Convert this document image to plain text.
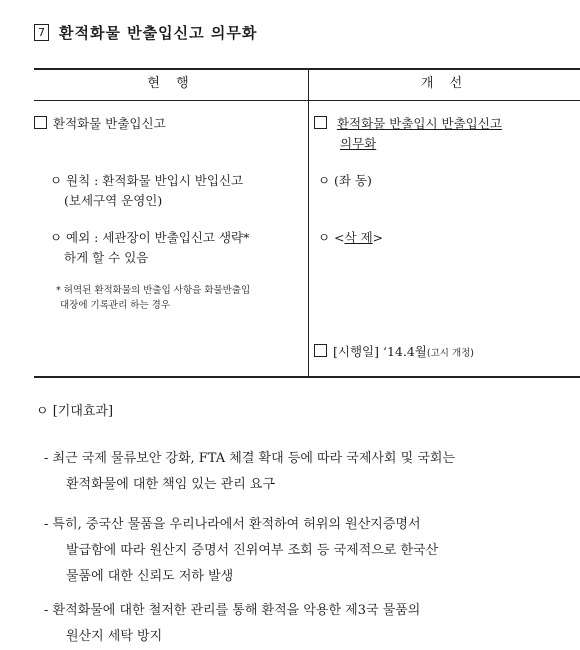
7 환적화물 반출입신고 의무화
현 행	개 선
환적화물 반출입신고
ㅇ 원칙 : 환적화물 반입시 반입신고
(보세구역 운영인)
ㅇ 예외 : 세관장이 반출입신고 생략*
하게 할 수 있음
* 허역된 환적화물의 반출입 사항을 화물반출입
대장에 기록관리 하는 경우
환적화물 반출입시 반출입신고
의무화
ㅇ (좌 동)
ㅇ <삭 제>
[시행일] ‘14.4월(고시 개정)
ㅇ [기대효과]
- 최근 국제 물류보안 강화, FTA 체결 확대 등에 따라 국제사회 및 국회는
환적화물에 대한 책임 있는 관리 요구
- 특히, 중국산 물품을 우리나라에서 환적하여 허위의 원산지증명서
발급함에 따라 원산지 증명서 진위여부 조회 등 국제적으로 한국산
물품에 대한 신뢰도 저하 발생
- 환적화물에 대한 철저한 관리를 통해 환적을 악용한 제3국 물품의
원산지 세탁 방지
